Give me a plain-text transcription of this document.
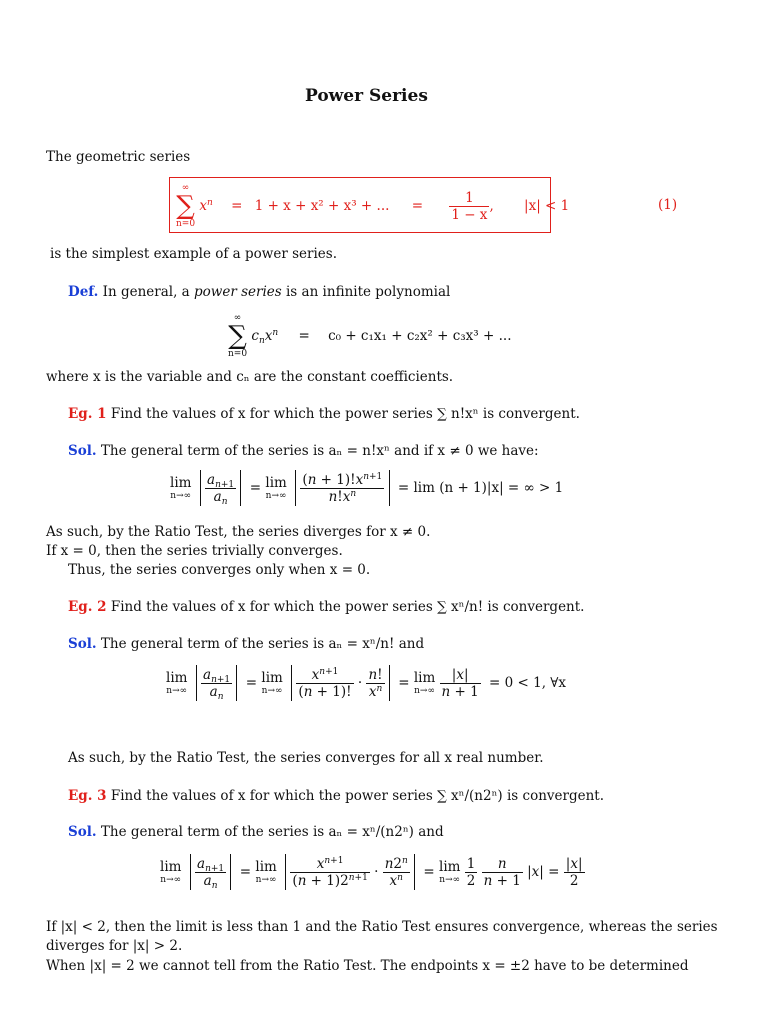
Power Series
The geometric series
∞
∑
n=0
$x^n = 1 + x + x^2 + x^3$ + ... = $\frac{1}{1 - x}$ , |x| < 1	(1)
is the simplest example of a power series.
Def. In general, a power series is an infinite polynomial
∞
∑
n=0
$c_nx^n = c_0 + c_1x_1 + c_2x^2 + c_3x^3$ + ...
where x is the variable and cₙ are the constant coefficients.
Eg. 1 Find the values of x for which the power series ∑ n!xⁿ is convergent.
Sol. The general term of the series is aₙ = n!xⁿ and if x ≠ 0 we have:
lim
n→∞
$\frac{a_{n+1}}{a_n} = \lim$
n→∞
$\frac{(n + 1)!x^{n+1}}{n!x^n} = \lim (n + 1)|x|$ = ∞ > 1
As such, by the Ratio Test, the series diverges for x ≠ 0.
If x = 0, then the series trivially converges.
Thus, the series converges only when x = 0.
Eg. 2 Find the values of x for which the power series ∑ xⁿ/n! is convergent.
Sol. The general term of the series is aₙ = xⁿ/n! and
lim
n→∞
$\frac{a_{n+1}}{a_n} = \lim$
n→∞
$\frac{x^{n+1}}{(n + 1)!} \cdot \frac{n!}{x^n} = \lim$
n→∞
$\frac{|x|}{n + 1} = 0 < 1$, ∀x
As such, by the Ratio Test, the series converges for all x real number.
Eg. 3 Find the values of x for which the power series ∑ xⁿ/(n2ⁿ) is convergent.
Sol. The general term of the series is aₙ = xⁿ/(n2ⁿ) and
lim
n→∞
$\frac{a_{n+1}}{a_n} = \lim$
n→∞
$\frac{x^{n+1}}{(n + 1)2^{n+1}} \cdot \frac{n2^n}{x^n} = \lim$
n→∞
$\frac{1}{2}$
$\frac{n}{n + 1} |x| = \frac{|x|}{2}$
If |x| < 2, then the limit is less than 1 and the Ratio Test ensures convergence, whereas the series
diverges for |x| > 2.
When |x| = 2 we cannot tell from the Ratio Test. The endpoints x = ±2 have to be determined
